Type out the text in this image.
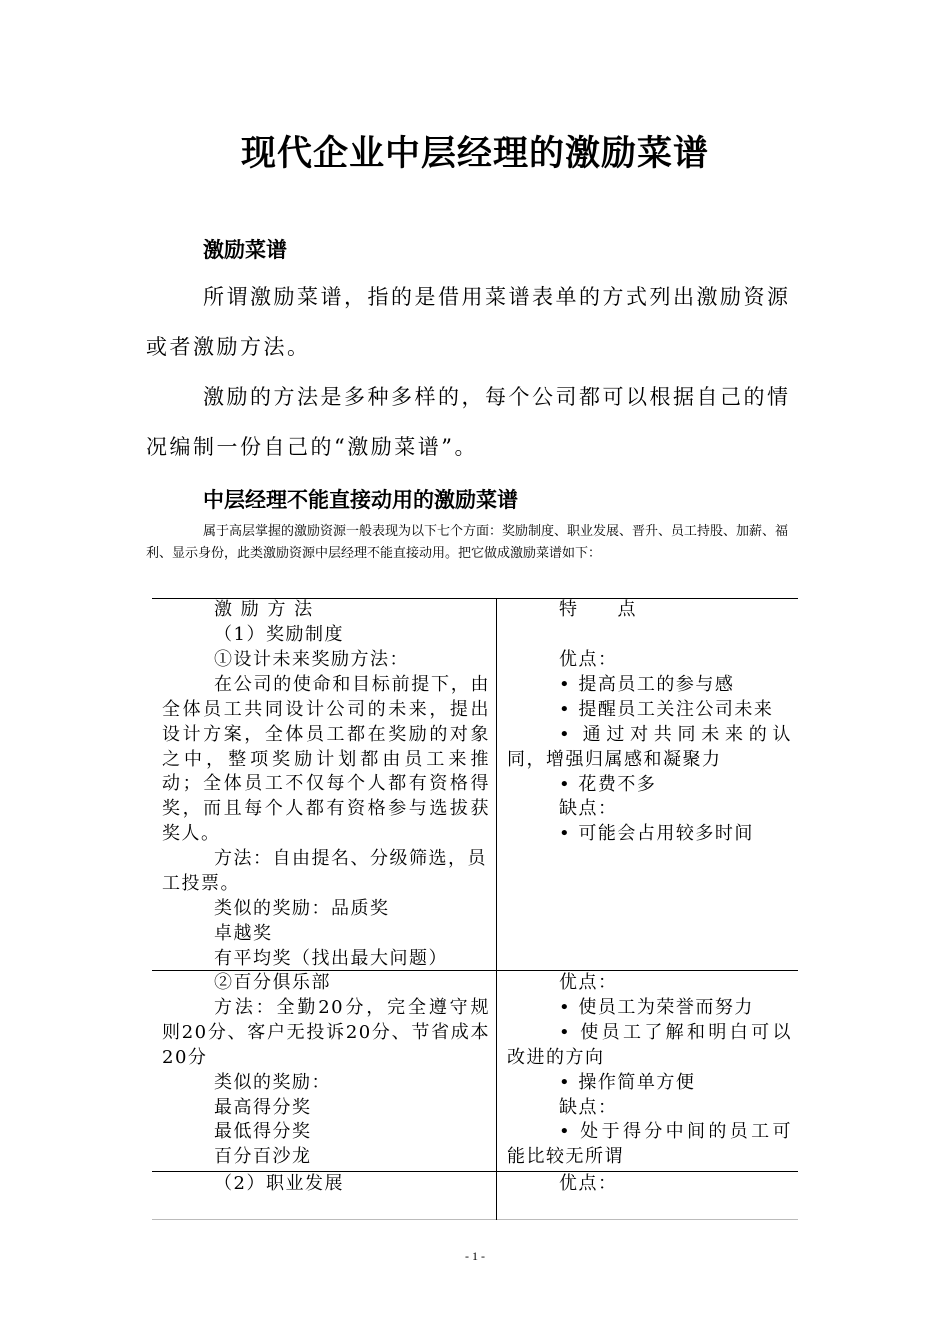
现代企业中层经理的激励菜谱
激励菜谱

所谓激励菜谱，指的是借用菜谱表单的方式列出激励资源或者激励方法。

激励的方法是多种多样的，每个公司都可以根据自己的情况编制一份自己的“激励菜谱”。

中层经理不能直接动用的激励菜谱

属于高层掌握的激励资源一般表现为以下七个方面：奖励制度、职业发展、晋升、员工持股、加薪、福利、显示身份，此类激励资源中层经理不能直接动用。把它做成激励菜谱如下：

激 励 方 法	特　　点

（1）奖励制度

①设计未来奖励方法：

在公司的使命和目标前提下，由全体员工共同设计公司的未来，提出设计方案，全体员工都在奖励的对象之中，整项奖励计划都由员工来推动；全体员工不仅每个人都有资格得奖，而且每个人都有资格参与选拔获奖人。

方法：自由提名、分级筛选，员工投票。

类似的奖励：品质奖

卓越奖

有平均奖（找出最大问题）

优点：

• 提高员工的参与感

• 提醒员工关注公司未来

• 通过对共同未来的认同，增强归属感和凝聚力

• 花费不多

缺点：

• 可能会占用较多时间

②百分俱乐部

方法：全勤20分，完全遵守规则20分、客户无投诉20分、节省成本20分

类似的奖励：

最高得分奖

最低得分奖

百分百沙龙

优点：

• 使员工为荣誉而努力

• 使员工了解和明白可以改进的方向

• 操作简单方便

缺点：

• 处于得分中间的员工可能比较无所谓

（2）职业发展	优点：

- 1 -
